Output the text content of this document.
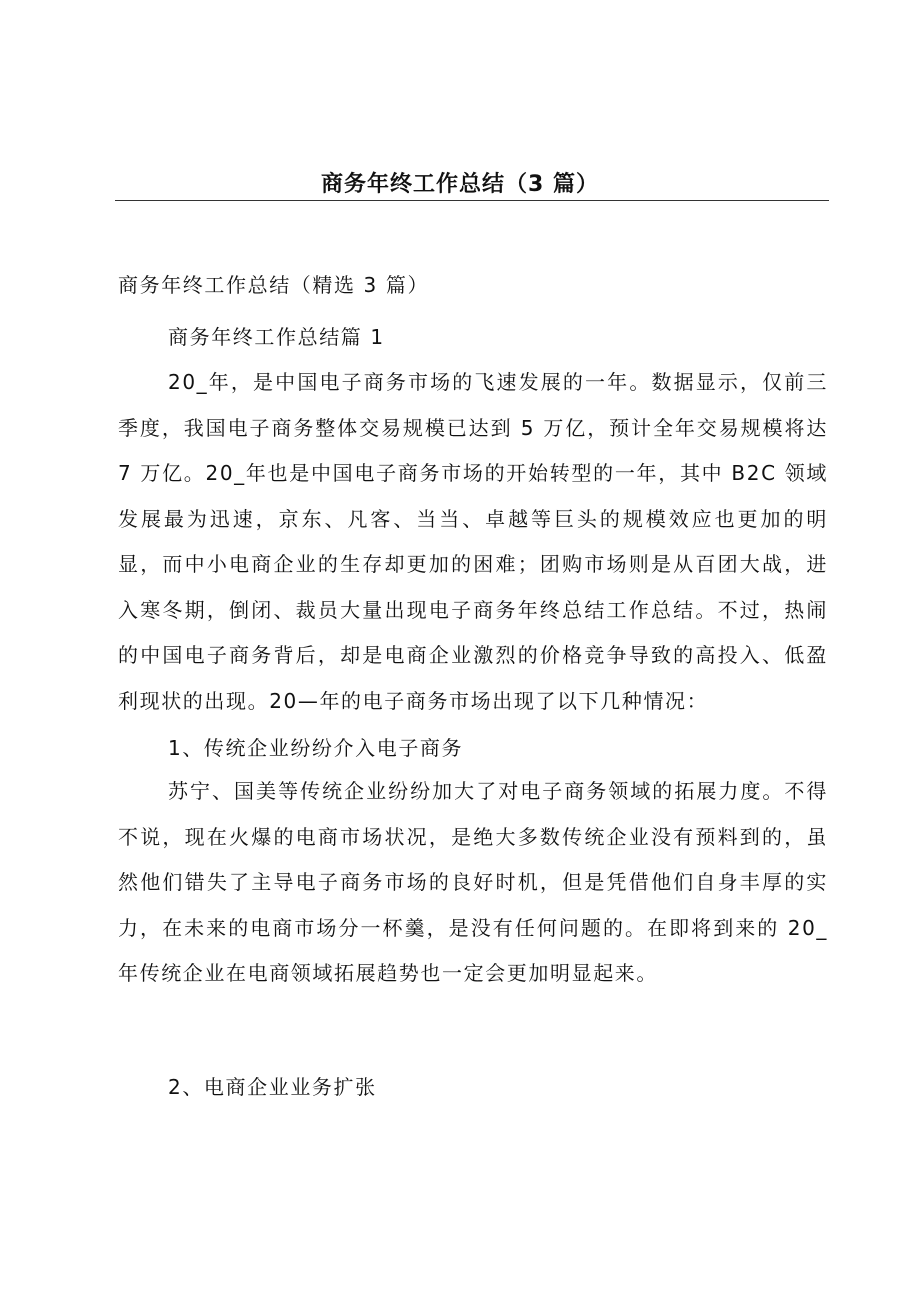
商务年终工作总结（3 篇）
商务年终工作总结（精选 3 篇）
商务年终工作总结篇 1

20_年，是中国电子商务市场的飞速发展的一年。数据显示，仅前三季度，我国电子商务整体交易规模已达到 5 万亿，预计全年交易规模将达 7 万亿。20_年也是中国电子商务市场的开始转型的一年，其中 B2C 领域发展最为迅速，京东、凡客、当当、卓越等巨头的规模效应也更加的明显，而中小电商企业的生存却更加的困难；团购市场则是从百团大战，进入寒冬期，倒闭、裁员大量出现电子商务年终总结工作总结。不过，热闹的中国电子商务背后，却是电商企业激烈的价格竞争导致的高投入、低盈利现状的出现。20—年的电子商务市场出现了以下几种情况：

1、传统企业纷纷介入电子商务

苏宁、国美等传统企业纷纷加大了对电子商务领域的拓展力度。不得不说，现在火爆的电商市场状况，是绝大多数传统企业没有预料到的，虽然他们错失了主导电子商务市场的良好时机，但是凭借他们自身丰厚的实力，在未来的电商市场分一杯羹，是没有任何问题的。在即将到来的 20_年传统企业在电商领域拓展趋势也一定会更加明显起来。

2、电商企业业务扩张
